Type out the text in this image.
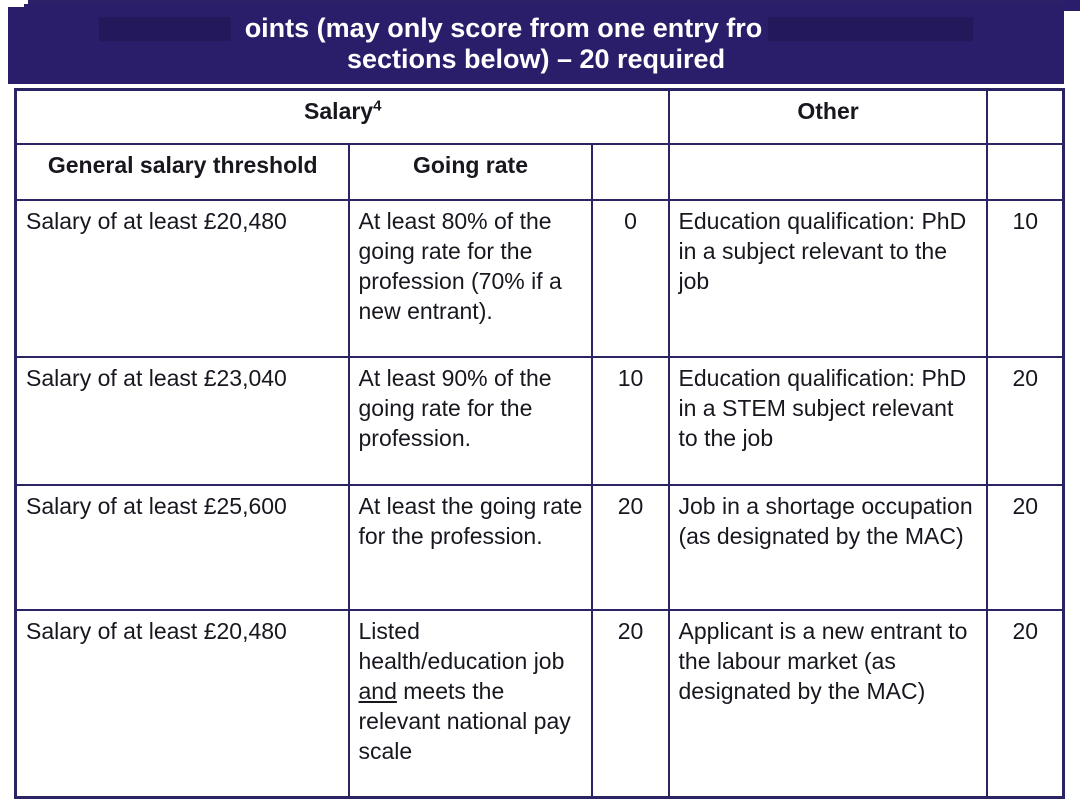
oints (may only score from one entry fro
sections below) – 20 required
Salary$^4$			Other	
General salary threshold	Going rate			
Salary of at least £20,480	At least 80% of the going rate for the profession (70% if a new entrant).	0	Education qualification: PhD in a subject relevant to the job	10
Salary of at least £23,040	At least 90% of the going rate for the profession.	10	Education qualification: PhD in a STEM subject relevant to the job	20
Salary of at least £25,600	At least the going rate for the profession.	20	Job in a shortage occupation (as designated by the MAC)	20
Salary of at least £20,480	Listed health/education job and meets the relevant national pay scale	20	Applicant is a new entrant to the labour market (as designated by the MAC)	20
